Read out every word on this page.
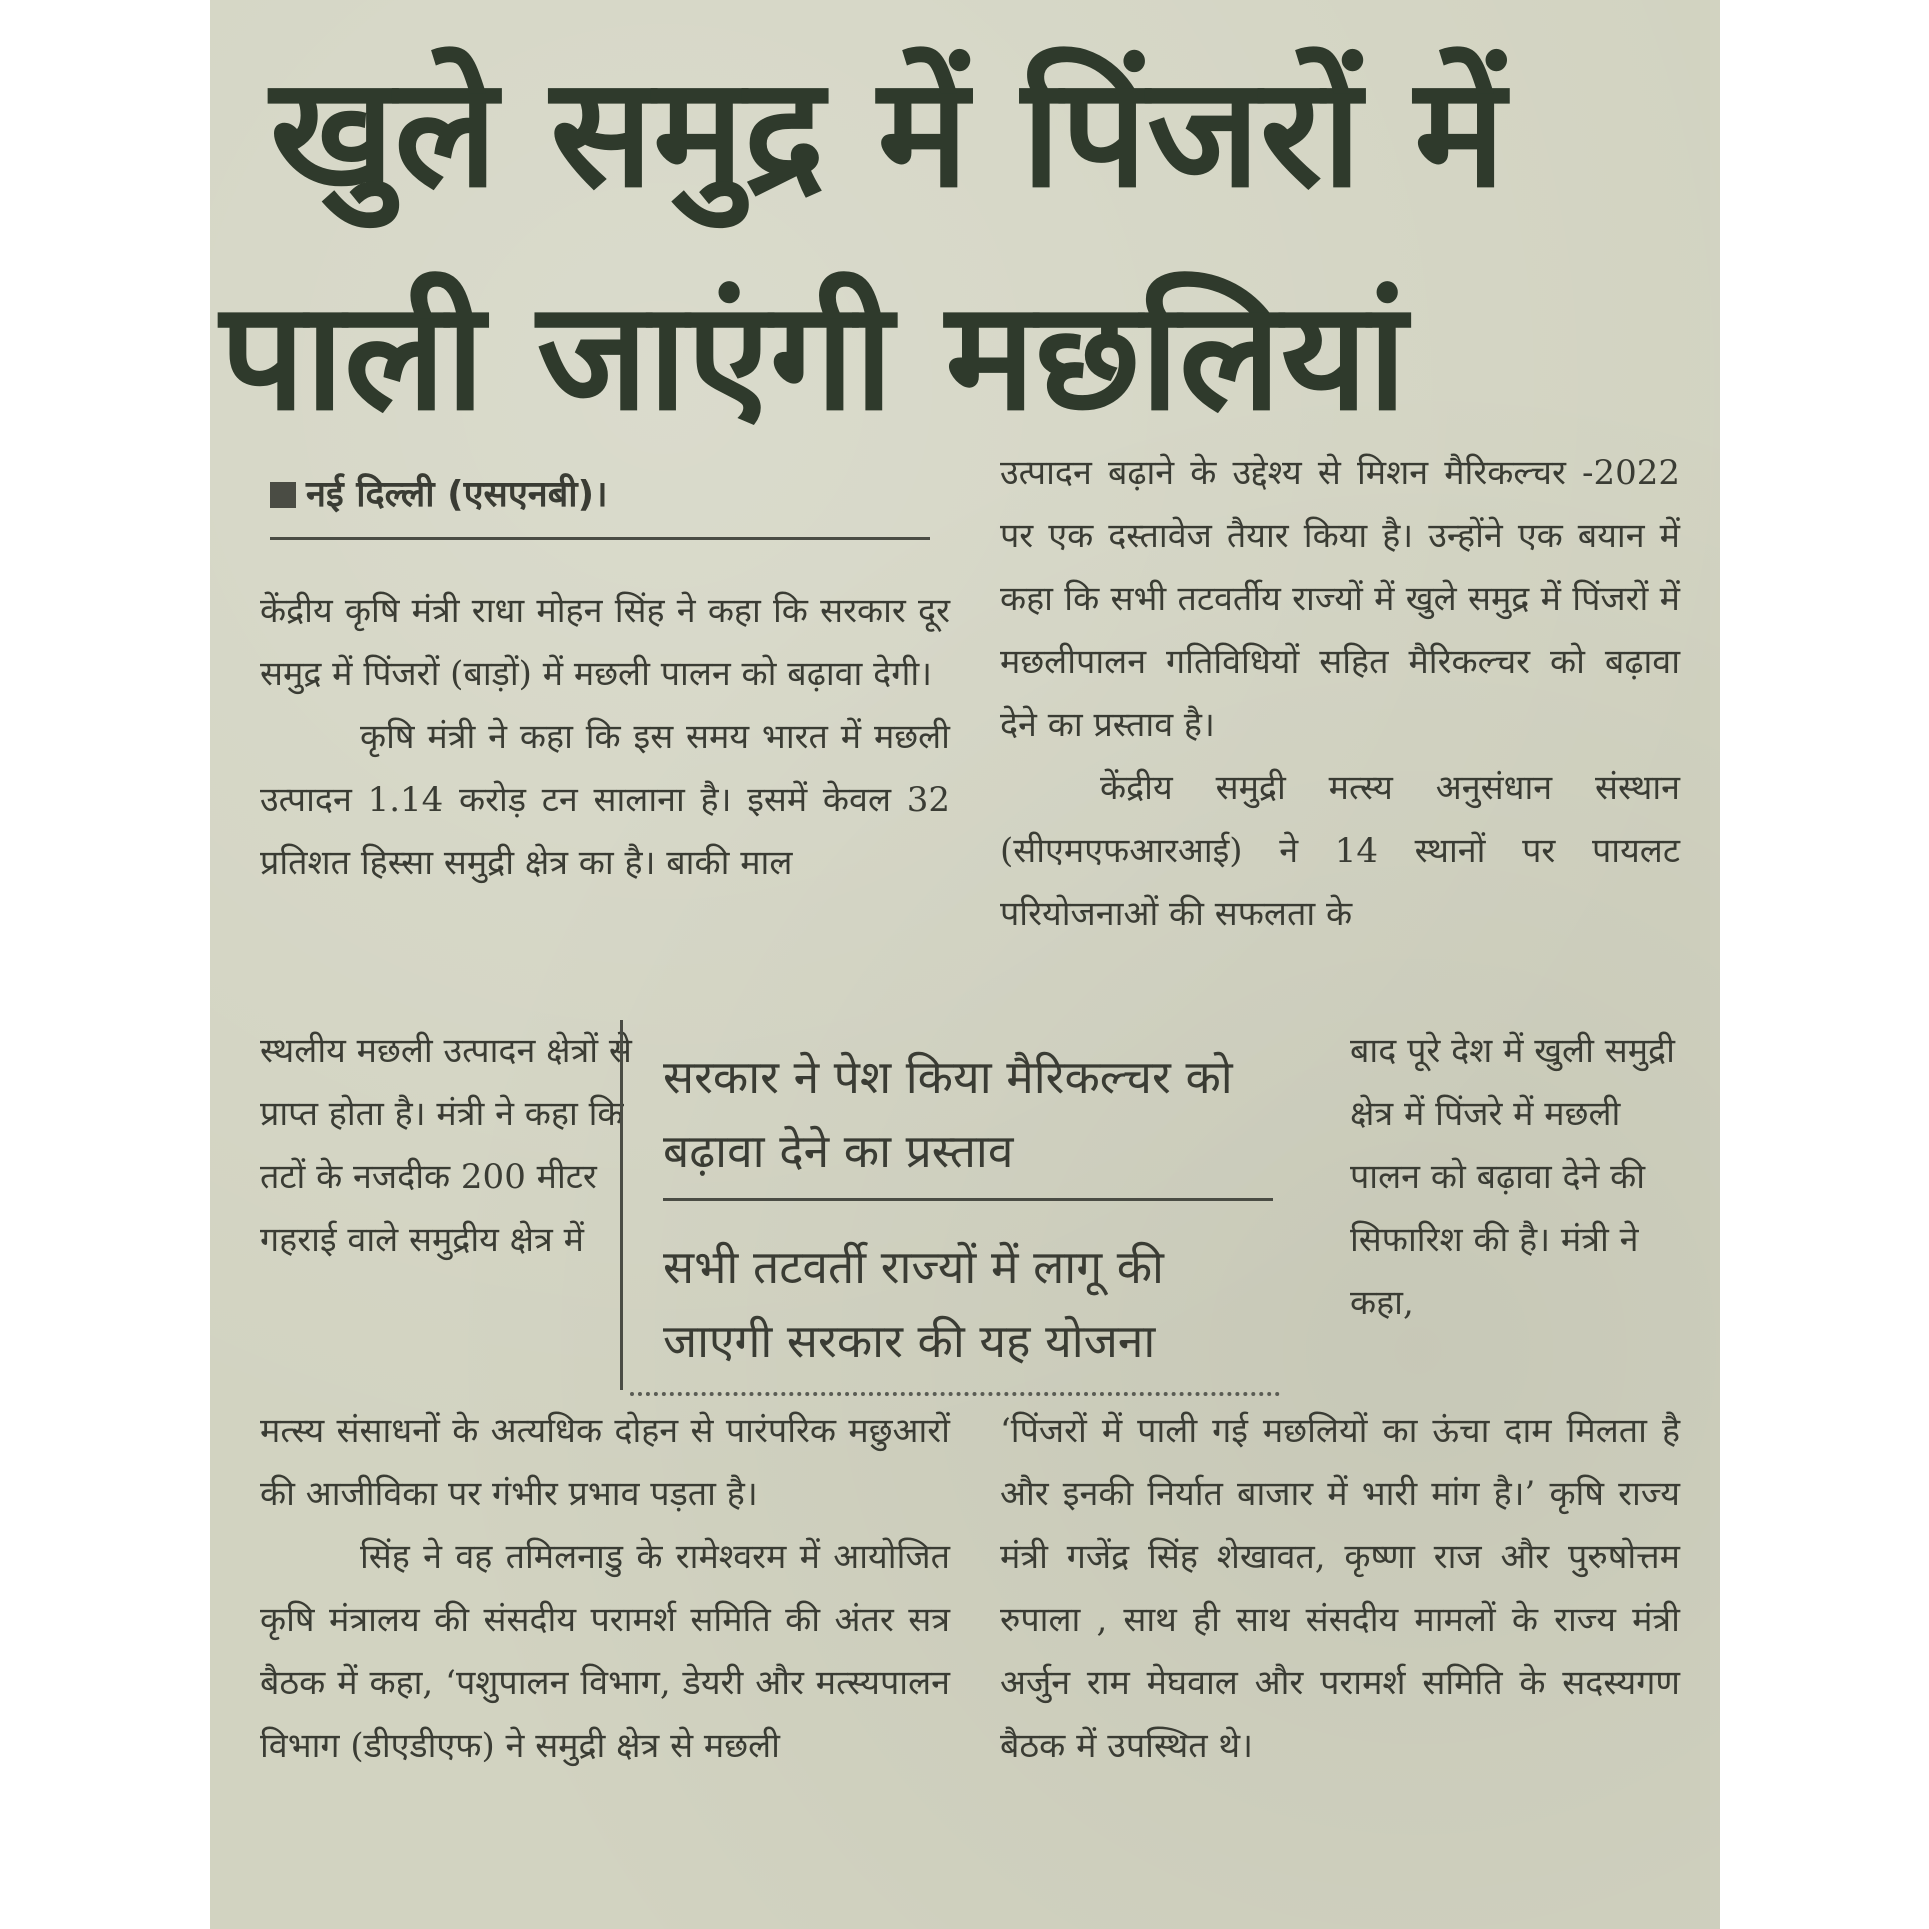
खुले समुद्र में पिंजरों में
पाली जाएंगी मछलियां
नई दिल्ली (एसएनबी)।

केंद्रीय कृषि मंत्री राधा मोहन सिंह ने कहा कि सरकार दूर समुद्र में पिंजरों (बाड़ों) में मछली पालन को बढ़ावा देगी।

कृषि मंत्री ने कहा कि इस समय भारत में मछली उत्पादन 1.14 करोड़ टन सालाना है। इसमें केवल 32 प्रतिशत हिस्सा समुद्री क्षेत्र का है। बाकी माल

स्थलीय मछली उत्पादन क्षेत्रों से प्राप्त होता है। मंत्री ने कहा कि तटों के नजदीक 200 मीटर गहराई वाले समुद्रीय क्षेत्र में

मत्स्य संसाधनों के अत्यधिक दोहन से पारंपरिक मछुआरों की आजीविका पर गंभीर प्रभाव पड़ता है।

सिंह ने वह तमिलनाडु के रामेश्वरम में आयोजित कृषि मंत्रालय की संसदीय परामर्श समिति की अंतर सत्र बैठक में कहा, ‘पशुपालन विभाग, डेयरी और मत्स्यपालन विभाग (डीएडीएफ) ने समुद्री क्षेत्र से मछली

उत्पादन बढ़ाने के उद्देश्य से मिशन मैरिकल्चर -2022 पर एक दस्तावेज तैयार किया है। उन्होंने एक बयान में कहा कि सभी तटवर्तीय राज्यों में खुले समुद्र में पिंजरों में मछलीपालन गतिविधियों सहित मैरिकल्चर को बढ़ावा देने का प्रस्ताव है।

केंद्रीय समुद्री मत्स्य अनुसंधान संस्थान (सीएमएफआरआई) ने 14 स्थानों पर पायलट परियोजनाओं की सफलता के

बाद पूरे देश में खुली समुद्री क्षेत्र में पिंजरे में मछली पालन को बढ़ावा देने की सिफारिश की है। मंत्री ने कहा,

‘पिंजरों में पाली गई मछलियों का ऊंचा दाम मिलता है और इनकी निर्यात बाजार में भारी मांग है।’ कृषि राज्य मंत्री गजेंद्र सिंह शेखावत, कृष्णा राज और पुरुषोत्तम रुपाला , साथ ही साथ संसदीय मामलों के राज्य मंत्री अर्जुन राम मेघवाल और परामर्श समिति के सदस्यगण बैठक में उपस्थित थे।

सरकार ने पेश किया मैरिकल्चर को बढ़ावा देने का प्रस्ताव
सभी तटवर्ती राज्यों में लागू की जाएगी सरकार की यह योजना
